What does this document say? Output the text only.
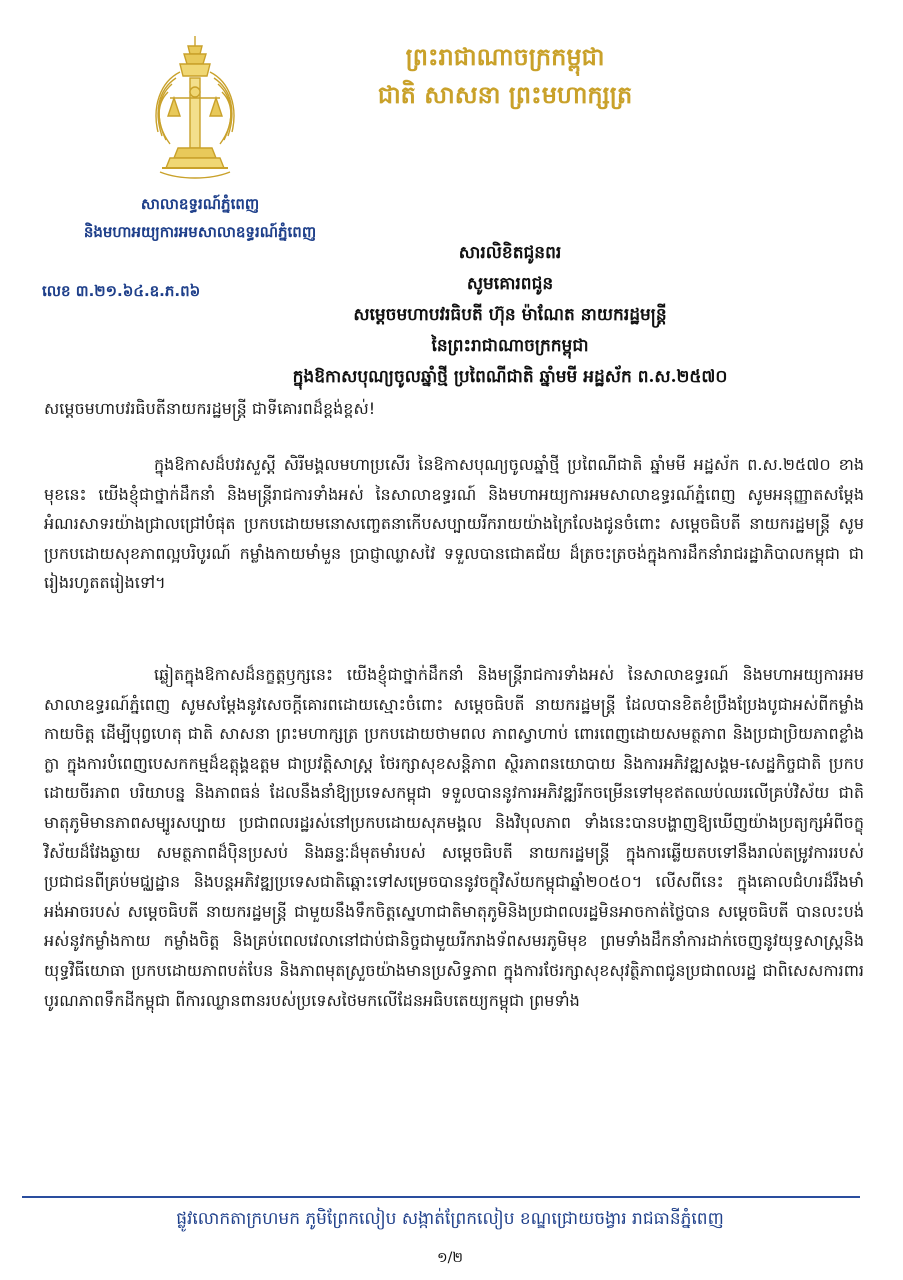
ព្រះរាជាណាចក្រកម្ពុជា
ជាតិ សាសនា ព្រះមហាក្សត្រ
សាលាឧទ្ធរណ៍ភ្នំពេញ
និងមហាអយ្យការអមសាលាឧទ្ធរណ៍ភ្នំពេញ
លេខ ៣.២១.៦៤.ឧ.ភ.ព៦
សារលិខិតជូនពរ
សូមគោរពជូន
សម្តេចមហាបវរធិបតី ហ៊ុន ម៉ាណែត នាយករដ្ឋមន្ត្រី
នៃព្រះរាជាណាចក្រកម្ពុជា
ក្នុងឱកាសបុណ្យចូលឆ្នាំថ្មី ប្រពៃណីជាតិ ឆ្នាំមមី អដ្ឋស័ក ព.ស.២៥៧០
សម្តេចមហាបវរធិបតីនាយករដ្ឋមន្ត្រី ជាទីគោរពដ៏ខ្ពង់ខ្ពស់!
ក្នុងឱកាសដ៏បវរសួស្តី សិរីមង្គលមហាប្រសើរ នៃឱកាសបុណ្យចូលឆ្នាំថ្មី ប្រពៃណីជាតិ ឆ្នាំមមី អដ្ឋស័ក ព.ស.២៥៧០ ខាងមុខនេះ យើងខ្ញុំជាថ្នាក់ដឹកនាំ និងមន្ត្រីរាជការទាំងអស់ នៃសាលាឧទ្ធរណ៍ និងមហាអយ្យការអមសាលាឧទ្ធរណ៍ភ្នំពេញ សូមអនុញ្ញាតសម្តែងអំណរសាទរយ៉ាងជ្រាលជ្រៅបំផុត ប្រកបដោយមនោសញ្ចេតនាកើបសប្បាយរីករាយយ៉ាងក្រៃលែងជូនចំពោះ សម្តេចធិបតី នាយករដ្ឋមន្ត្រី សូមប្រកបដោយសុខភាពល្អបរិបូរណ៍ កម្លាំងកាយមាំមួន ប្រាជ្ញាឈ្លាសវៃ ទទួលបានជោគជ័យ ដ៏ត្រចះត្រចង់ក្នុងការដឹកនាំរាជរដ្ឋាភិបាលកម្ពុជា ជារៀងរហូតតរៀងទៅ។
ឆ្លៀតក្នុងឱកាសដ៏នក្ខត្តឫក្សនេះ យើងខ្ញុំជាថ្នាក់ដឹកនាំ និងមន្ត្រីរាជការទាំងអស់ នៃសាលាឧទ្ធរណ៍ និងមហាអយ្យការអមសាលាឧទ្ធរណ៍ភ្នំពេញ សូមសម្តែងនូវសេចក្តីគោរពដោយស្មោះចំពោះ សម្តេចធិបតី នាយករដ្ឋមន្ត្រី ដែលបានខិតខំប្រឹងប្រែងបូជាអស់ពីកម្លាំងកាយចិត្ត ដើម្បីបុព្វហេតុ ជាតិ សាសនា ព្រះមហាក្សត្រ ប្រកបដោយថាមពល ភាពស្វាហាប់ ពោរពេញដោយសមត្ថភាព និងប្រជាប្រិយភាពខ្លាំងក្លា ក្នុងការបំពេញបេសកកម្មដ៏ឧត្តុង្គឧត្តម ជាប្រវត្តិសាស្ត្រ ថែរក្សាសុខសន្តិភាព ស្ថិរភាពនយោបាយ និងការអភិវឌ្ឍសង្គម-សេដ្ឋកិច្ចជាតិ ប្រកបដោយចីរភាព បរិយាបន្ន និងភាពធន់ ដែលនឹងនាំឱ្យប្រទេសកម្ពុជា ទទួលបាននូវការអភិវឌ្ឍរីកចម្រើនទៅមុខឥតឈប់ឈរលើគ្រប់វិស័យ ជាតិមាតុភូមិមានភាពសម្បូរសប្បាយ ប្រជាពលរដ្ឋរស់នៅប្រកបដោយសុភមង្គល និងវិបុលភាព ទាំងនេះបានបង្ហាញឱ្យឃើញយ៉ាងប្រត្យក្សអំពីចក្ខុវិស័យដ៏វែងឆ្ងាយ សមត្ថភាពដ៏ប៉ិនប្រសប់ និងឆន្ទៈដ៏មុតមាំរបស់ សម្តេចធិបតី នាយករដ្ឋមន្ត្រី ក្នុងការឆ្លើយតបទៅនឹងរាល់តម្រូវការរបស់ប្រជាជនពីគ្រប់មជ្ឈដ្ឋាន និងបន្តអភិវឌ្ឍប្រទេសជាតិឆ្ពោះទៅសម្រេចបាននូវចក្ខុវិស័យកម្ពុជាឆ្នាំ២០៥០។ លើសពីនេះ ក្នុងគោលជំហរដ៏រឹងមាំអង់អាចរបស់ សម្តេចធិបតី នាយករដ្ឋមន្ត្រី ជាមួយនឹងទឹកចិត្តស្នេហាជាតិមាតុភូមិនិងប្រជាពលរដ្ឋមិនអាចកាត់ថ្លៃបាន សម្តេចធិបតី បានលះបង់អស់នូវកម្លាំងកាយ កម្លាំងចិត្ត និងគ្រប់ពេលវេលានៅជាប់ជានិច្ចជាមួយរីករាងទ័ពសមរភូមិមុខ ព្រមទាំងដឹកនាំការដាក់ចេញនូវយុទ្ធសាស្ត្រនិងយុទ្ធវិធីយោធា ប្រកបដោយភាពបត់បែន និងភាពមុតស្រួចយ៉ាងមានប្រសិទ្ធភាព ក្នុងការថែរក្សាសុខសុវត្ថិភាពជូនប្រជាពលរដ្ឋ ជាពិសេសការពារបូរណភាពទឹកដីកម្ពុជា ពីការឈ្លានពានរបស់ប្រទេសថៃមកលើដែនអធិបតេយ្យកម្ពុជា ព្រមទាំង
ផ្លូវលោកតាក្រហមក ភូមិព្រែកលៀប សង្កាត់ព្រែកលៀប ខណ្ឌជ្រោយចង្វារ រាជធានីភ្នំពេញ
១/២
